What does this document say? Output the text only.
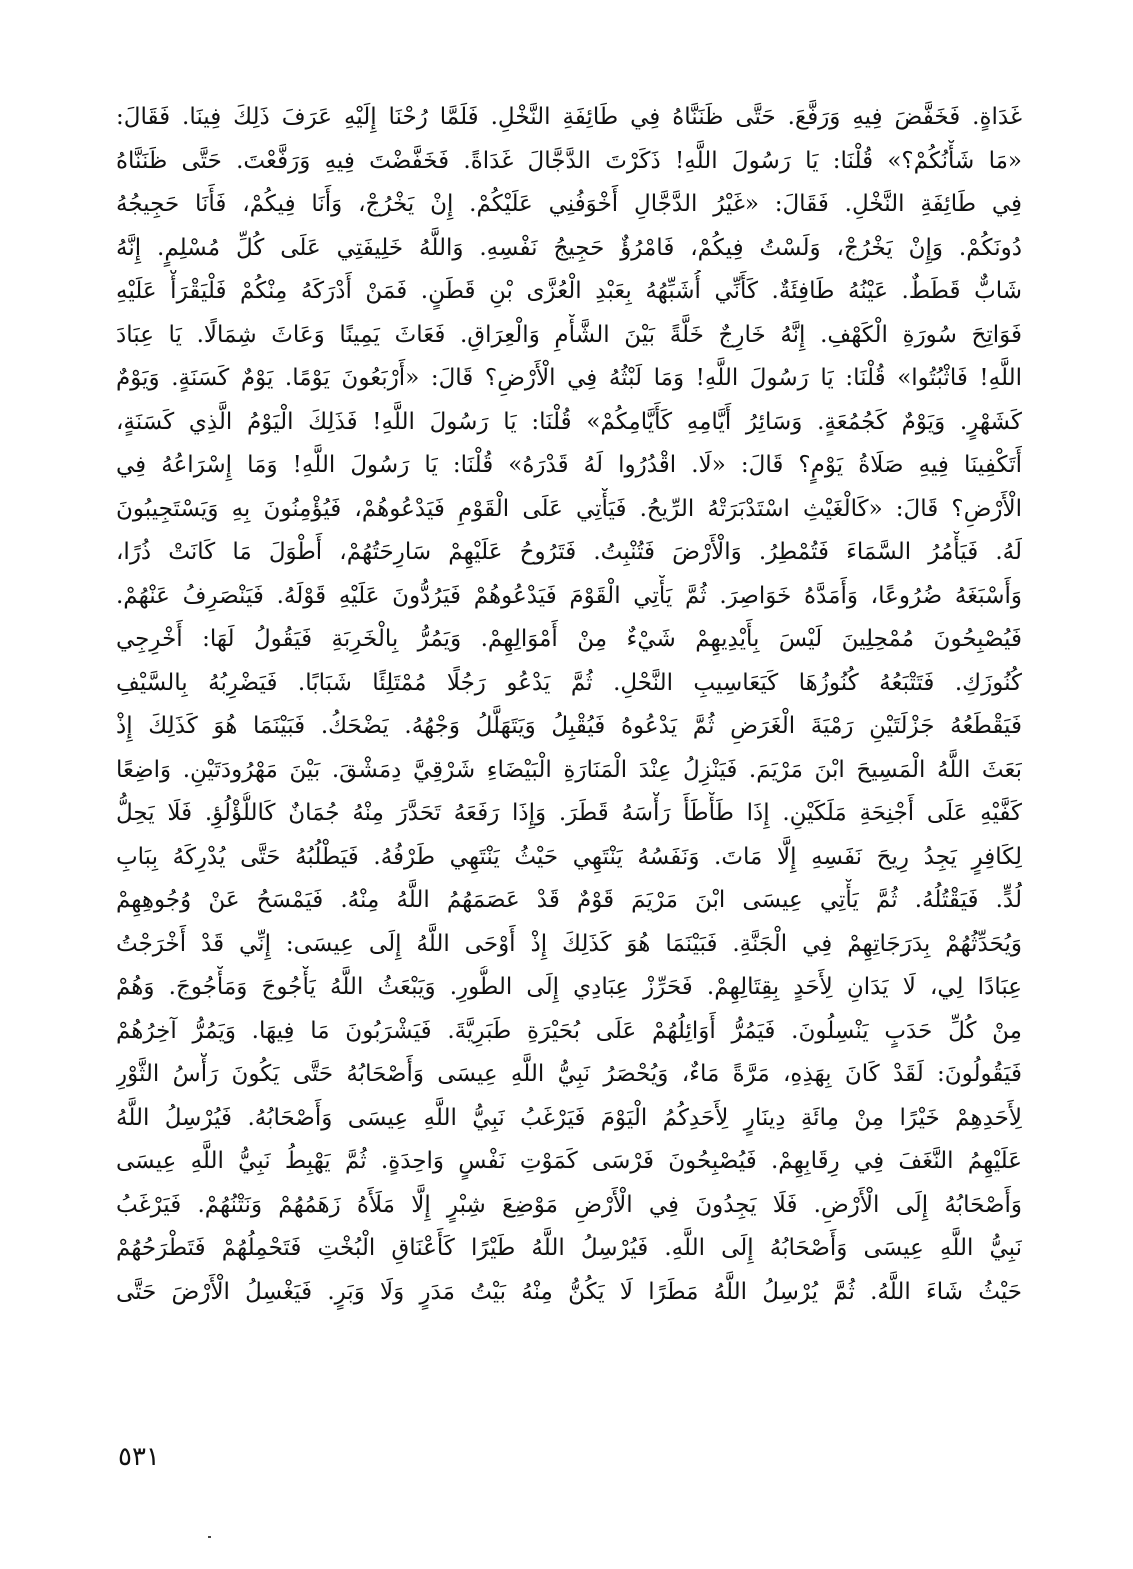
غَدَاةٍ. فَخَفَّضَ فِيهِ وَرَفَّعَ. حَتَّى ظَنَنَّاهُ فِي طَائِفَةِ النَّخْلِ. فَلَمَّا رُحْنَا إِلَيْهِ عَرَفَ ذَلِكَ فِينَا. فَقَالَ:
«مَا شَأْنُكُمْ؟» قُلْنَا: يَا رَسُولَ اللَّهِ! ذَكَرْتَ الدَّجَّالَ غَدَاةً. فَخَفَّضْتَ فِيهِ وَرَفَّعْتَ. حَتَّى ظَنَنَّاهُ
فِي طَائِفَةِ النَّخْلِ. فَقَالَ: «غَيْرُ الدَّجَّالِ أَخْوَفُنِي عَلَيْكُمْ. إِنْ يَخْرُجْ، وَأَنَا فِيكُمْ، فَأَنَا حَجِيجُهُ
دُونَكُمْ. وَإِنْ يَخْرُجْ، وَلَسْتُ فِيكُمْ، فَامْرُؤٌ حَجِيجُ نَفْسِهِ. وَاللَّهُ خَلِيفَتِي عَلَى كُلِّ مُسْلِمٍ. إِنَّهُ
شَابٌّ قَطَطٌ. عَيْنُهُ طَافِئَةٌ. كَأَنِّي أُشَبِّهُهُ بِعَبْدِ الْعُزَّى بْنِ قَطَنٍ. فَمَنْ أَدْرَكَهُ مِنْكُمْ فَلْيَقْرَأْ عَلَيْهِ
فَوَاتِحَ سُورَةِ الْكَهْفِ. إِنَّهُ خَارِجٌ خَلَّةً بَيْنَ الشَّأْمِ وَالْعِرَاقِ. فَعَاثَ يَمِينًا وَعَاثَ شِمَالًا. يَا عِبَادَ
اللَّهِ! فَاثْبُتُوا» قُلْنَا: يَا رَسُولَ اللَّهِ! وَمَا لَبْثُهُ فِي الْأَرْضِ؟ قَالَ: «أَرْبَعُونَ يَوْمًا. يَوْمٌ كَسَنَةٍ. وَيَوْمٌ
كَشَهْرٍ. وَيَوْمٌ كَجُمُعَةٍ. وَسَائِرُ أَيَّامِهِ كَأَيَّامِكُمْ» قُلْنَا: يَا رَسُولَ اللَّهِ! فَذَلِكَ الْيَوْمُ الَّذِي كَسَنَةٍ،
أَتَكْفِينَا فِيهِ صَلَاةُ يَوْمٍ؟ قَالَ: «لَا. اقْدُرُوا لَهُ قَدْرَهُ» قُلْنَا: يَا رَسُولَ اللَّهِ! وَمَا إِسْرَاعُهُ فِي
الْأَرْضِ؟ قَالَ: «كَالْغَيْثِ اسْتَدْبَرَتْهُ الرِّيحُ. فَيَأْتِي عَلَى الْقَوْمِ فَيَدْعُوهُمْ، فَيُؤْمِنُونَ بِهِ وَيَسْتَجِيبُونَ
لَهُ. فَيَأْمُرُ السَّمَاءَ فَتُمْطِرُ. وَالْأَرْضَ فَتُنْبِتُ. فَتَرُوحُ عَلَيْهِمْ سَارِحَتُهُمْ، أَطْوَلَ مَا كَانَتْ ذُرًا،
وَأَسْبَغَهُ ضُرُوعًا، وَأَمَدَّهُ خَوَاصِرَ. ثُمَّ يَأْتِي الْقَوْمَ فَيَدْعُوهُمْ فَيَرُدُّونَ عَلَيْهِ قَوْلَهُ. فَيَنْصَرِفُ عَنْهُمْ.
فَيُصْبِحُونَ مُمْحِلِينَ لَيْسَ بِأَيْدِيهِمْ شَيْءٌ مِنْ أَمْوَالِهِمْ. وَيَمُرُّ بِالْخَرِبَةِ فَيَقُولُ لَهَا: أَخْرِجِي
كُنُوزَكِ. فَتَتْبَعُهُ كُنُوزُهَا كَيَعَاسِيبِ النَّحْلِ. ثُمَّ يَدْعُو رَجُلًا مُمْتَلِئًا شَبَابًا. فَيَضْرِبُهُ بِالسَّيْفِ
فَيَقْطَعُهُ جَزْلَتَيْنِ رَمْيَةَ الْغَرَضِ ثُمَّ يَدْعُوهُ فَيُقْبِلُ وَيَتَهَلَّلُ وَجْهُهُ. يَضْحَكُ. فَبَيْنَمَا هُوَ كَذَلِكَ إِذْ
بَعَثَ اللَّهُ الْمَسِيحَ ابْنَ مَرْيَمَ. فَيَنْزِلُ عِنْدَ الْمَنَارَةِ الْبَيْضَاءِ شَرْقِيَّ دِمَشْقَ. بَيْنَ مَهْرُودَتَيْنِ. وَاضِعًا
كَفَّيْهِ عَلَى أَجْنِحَةِ مَلَكَيْنِ. إِذَا طَأْطَأَ رَأْسَهُ قَطَرَ. وَإِذَا رَفَعَهُ تَحَدَّرَ مِنْهُ جُمَانٌ كَاللُّؤْلُؤِ. فَلَا يَحِلُّ
لِكَافِرٍ يَجِدُ رِيحَ نَفَسِهِ إِلَّا مَاتَ. وَنَفَسُهُ يَنْتَهِي حَيْثُ يَنْتَهِي طَرْفُهُ. فَيَطْلُبُهُ حَتَّى يُدْرِكَهُ بِبَابِ
لُدٍّ. فَيَقْتُلُهُ. ثُمَّ يَأْتِي عِيسَى ابْنَ مَرْيَمَ قَوْمٌ قَدْ عَصَمَهُمُ اللَّهُ مِنْهُ. فَيَمْسَحُ عَنْ وُجُوهِهِمْ
وَيُحَدِّثُهُمْ بِدَرَجَاتِهِمْ فِي الْجَنَّةِ. فَبَيْنَمَا هُوَ كَذَلِكَ إِذْ أَوْحَى اللَّهُ إِلَى عِيسَى: إِنِّي قَدْ أَخْرَجْتُ
عِبَادًا لِي، لَا يَدَانِ لِأَحَدٍ بِقِتَالِهِمْ. فَحَرِّزْ عِبَادِي إِلَى الطُّورِ. وَيَبْعَثُ اللَّهُ يَأْجُوجَ وَمَأْجُوجَ. وَهُمْ
مِنْ كُلِّ حَدَبٍ يَنْسِلُونَ. فَيَمُرُّ أَوَائِلُهُمْ عَلَى بُحَيْرَةِ طَبَرِيَّةَ. فَيَشْرَبُونَ مَا فِيهَا. وَيَمُرُّ آخِرُهُمْ
فَيَقُولُونَ: لَقَدْ كَانَ بِهَذِهِ، مَرَّةً مَاءٌ، وَيُحْصَرُ نَبِيُّ اللَّهِ عِيسَى وَأَصْحَابُهُ حَتَّى يَكُونَ رَأْسُ الثَّوْرِ
لِأَحَدِهِمْ خَيْرًا مِنْ مِائَةِ دِينَارٍ لِأَحَدِكُمُ الْيَوْمَ فَيَرْغَبُ نَبِيُّ اللَّهِ عِيسَى وَأَصْحَابُهُ. فَيُرْسِلُ اللَّهُ
عَلَيْهِمُ النَّغَفَ فِي رِقَابِهِمْ. فَيُصْبِحُونَ فَرْسَى كَمَوْتِ نَفْسٍ وَاحِدَةٍ. ثُمَّ يَهْبِطُ نَبِيُّ اللَّهِ عِيسَى
وَأَصْحَابُهُ إِلَى الْأَرْضِ. فَلَا يَجِدُونَ فِي الْأَرْضِ مَوْضِعَ شِبْرٍ إِلَّا مَلَأَهُ زَهَمُهُمْ وَنَتْنُهُمْ. فَيَرْغَبُ
نَبِيُّ اللَّهِ عِيسَى وَأَصْحَابُهُ إِلَى اللَّهِ. فَيُرْسِلُ اللَّهُ طَيْرًا كَأَعْنَاقِ الْبُخْتِ فَتَحْمِلُهُمْ فَتَطْرَحُهُمْ
حَيْثُ شَاءَ اللَّهُ. ثُمَّ يُرْسِلُ اللَّهُ مَطَرًا لَا يَكُنُّ مِنْهُ بَيْتُ مَدَرٍ وَلَا وَبَرٍ. فَيَغْسِلُ الْأَرْضَ حَتَّى
٥٣١
